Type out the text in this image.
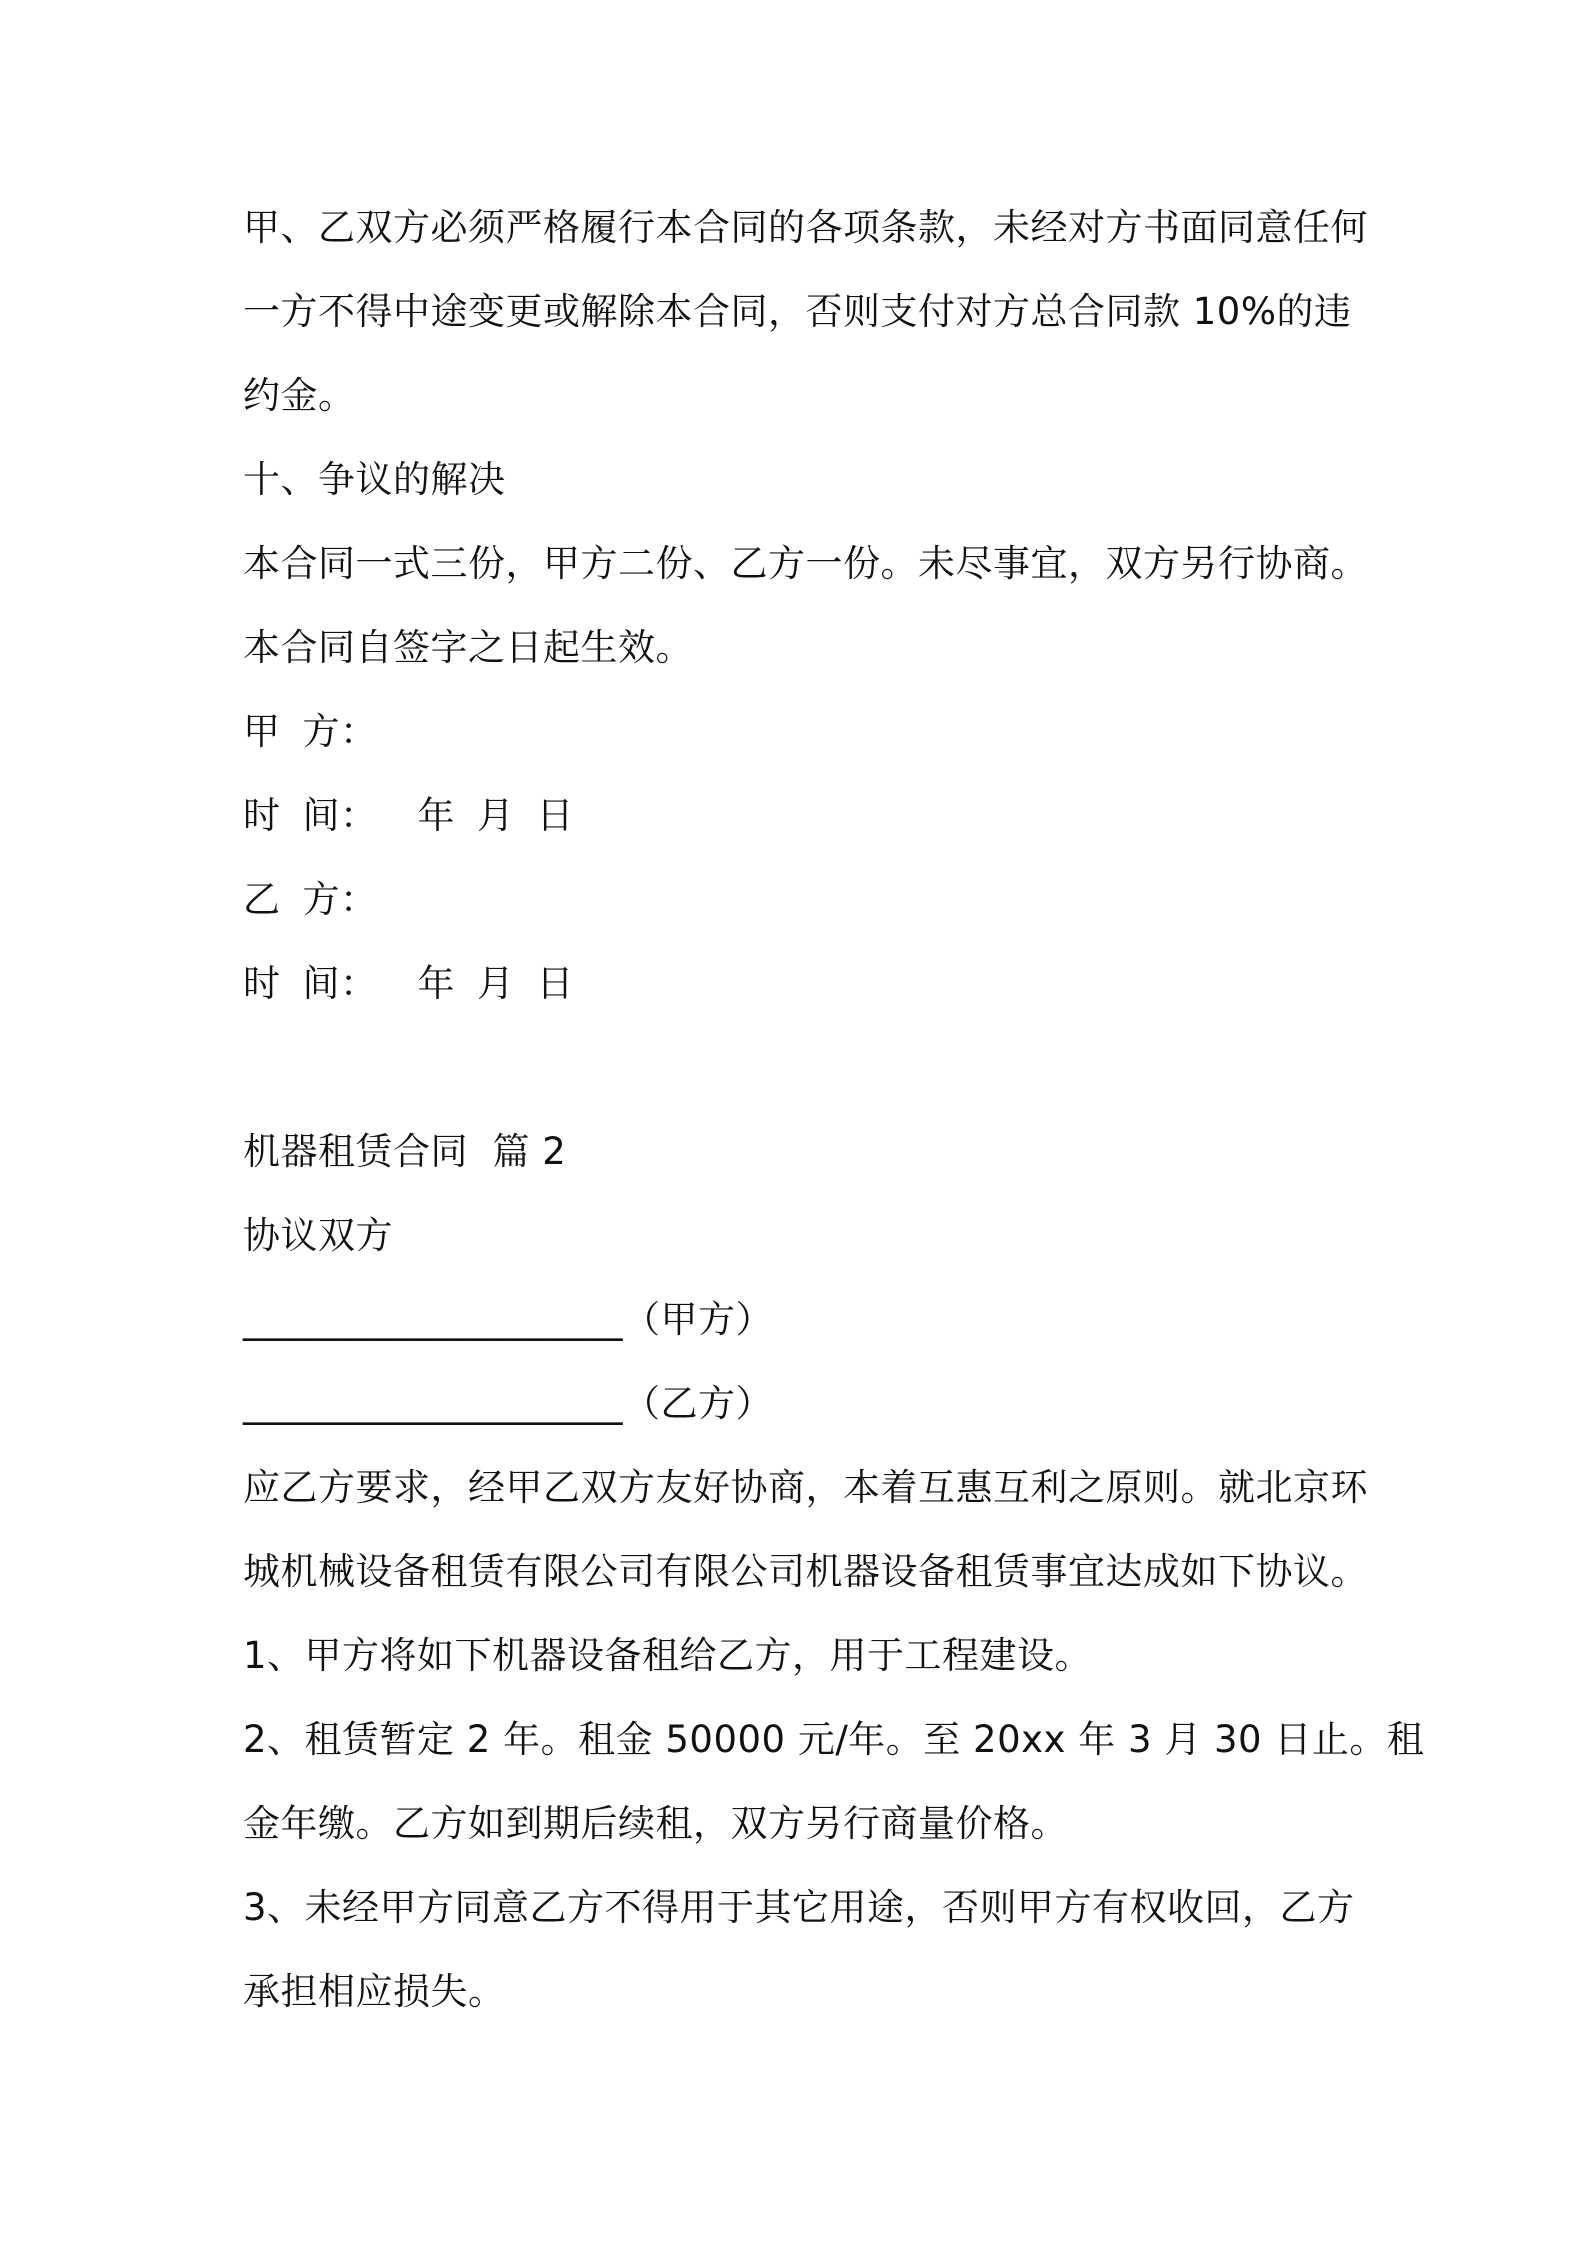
甲、乙双方必须严格履行本合同的各项条款，未经对方书面同意任何
一方不得中途变更或解除本合同，否则支付对方总合同款 10%的违
约金。
十、争议的解决
本合同一式三份，甲方二份、乙方一份。未尽事宜，双方另行协商。
本合同自签字之日起生效。
甲 方：
时 间： 年 月 日
乙 方：
时 间： 年 月 日
机器租赁合同  篇 2
协议双方
____________________（甲方）
____________________（乙方）
应乙方要求，经甲乙双方友好协商，本着互惠互利之原则。就北京环
城机械设备租赁有限公司有限公司机器设备租赁事宜达成如下协议。
1、甲方将如下机器设备租给乙方，用于工程建设。
2、租赁暂定 2 年。租金 50000 元/年。至 20xx 年 3 月 30 日止。租
金年缴。乙方如到期后续租，双方另行商量价格。
3、未经甲方同意乙方不得用于其它用途，否则甲方有权收回，乙方
承担相应损失。
